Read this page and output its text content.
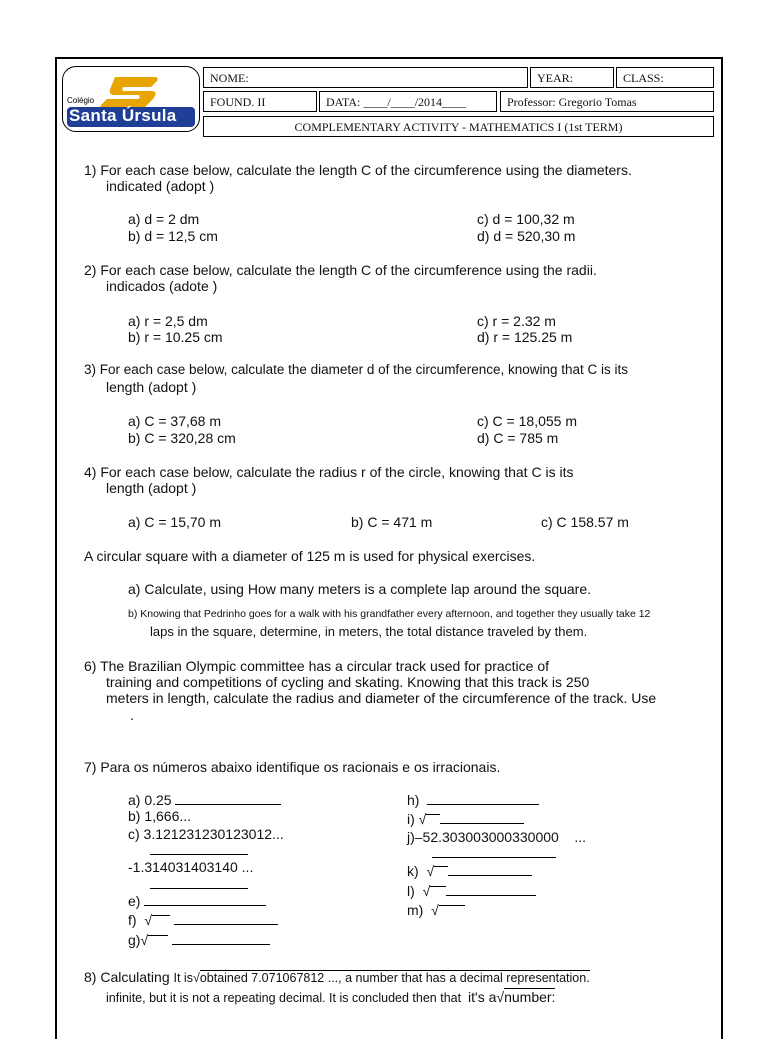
Colégio
Santa Úrsula
NOME:	YEAR:	CLASS:
FOUND. II	DATA: ____/____/2014____	Professor: Gregorio Tomas
COMPLEMENTARY ACTIVITY - MATHEMATICS I (1st TERM)
1) For each case below, calculate the length C of the circumference using the diameters.
indicated (adopt )
a) d = 2 dm
b) d = 12,5 cm
c) d = 100,32 m
d) d = 520,30 m
2) For each case below, calculate the length C of the circumference using the radii.
indicados (adote )
a) r = 2,5 dm
b) r = 10.25 cm
c) r = 2.32 m
d) r = 125.25 m
3) For each case below, calculate the diameter d of the circumference, knowing that C is its
length (adopt )
a) C = 37,68 m
b) C = 320,28 cm
c) C = 18,055 m
d) C = 785 m
4) For each case below, calculate the radius r of the circle, knowing that C is its
length (adopt )
a) C = 15,70 m	b) C = 471 m	c) C 158.57 m
A circular square with a diameter of 125 m is used for physical exercises.
a) Calculate, using How many meters is a complete lap around the square.
b) Knowing that Pedrinho goes for a walk with his grandfather every afternoon, and together they usually take 12
laps in the square, determine, in meters, the total distance traveled by them.
6) The Brazilian Olympic committee has a circular track used for practice of
training and competitions of cycling and skating. Knowing that this track is 250
meters in length, calculate the radius and diameter of the circumference of the track. Use
.
7) Para os números abaixo identifique os racionais e os irracionais.
a) 0.25
b) 1,666...
c) 3.121231230123012...
-1.314031403140 ...
e)
f) √
g)√
h)
i) √
j)–52.303003000330000 ...
k) √
l) √
m) √
8) Calculating It is√obtained 7.071067812 ..., a number that has a decimal representation.
infinite, but it is not a repeating decimal. It is concluded then that it's a√number:
